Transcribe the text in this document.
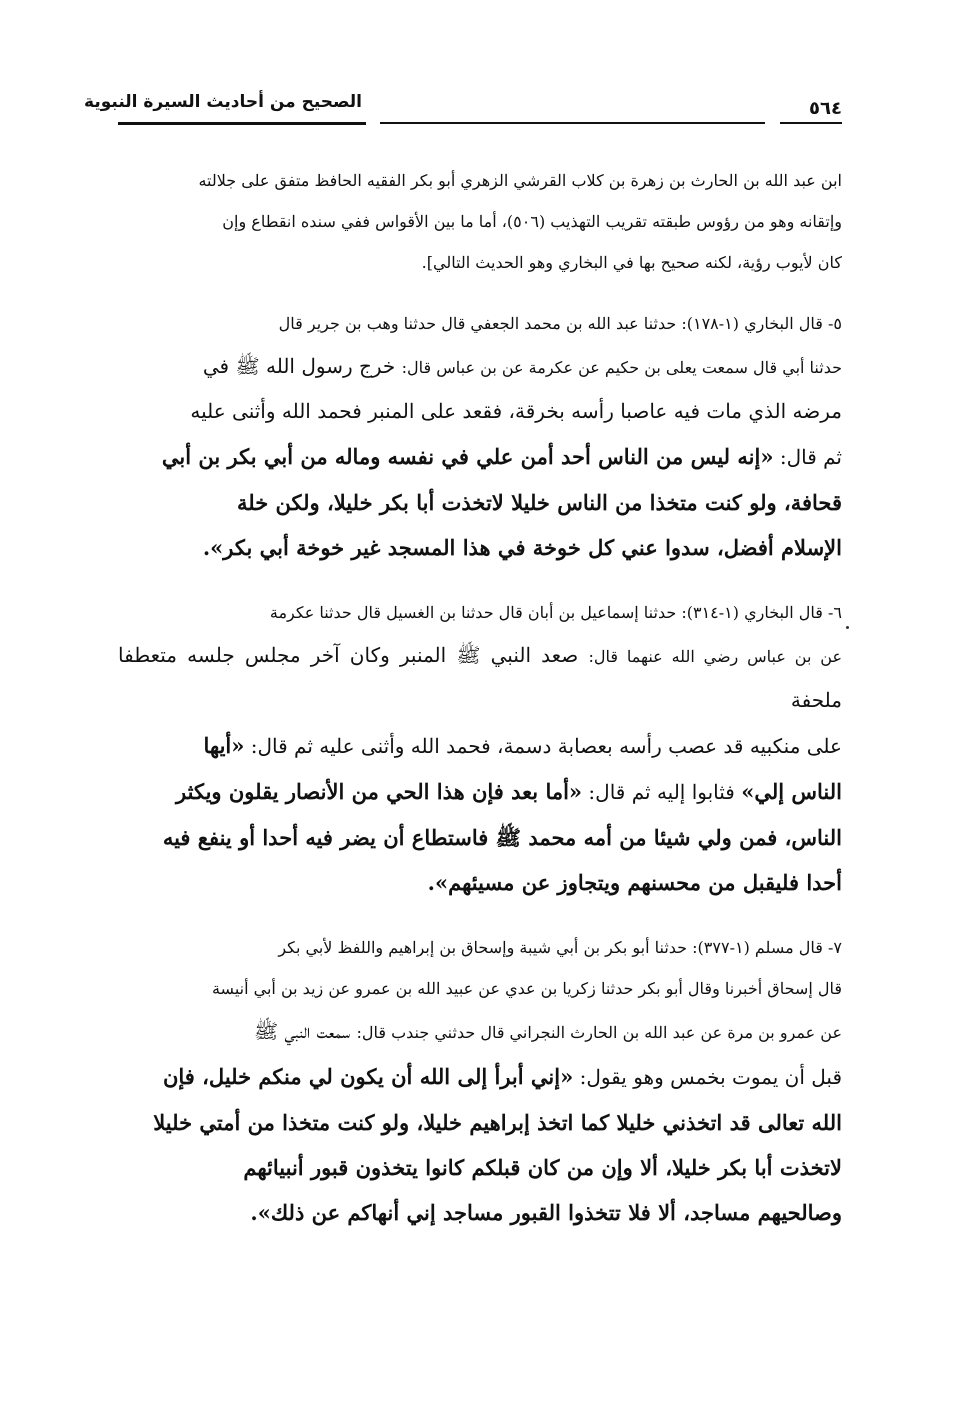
الصحيح من أحاديث السيرة النبوية	٥٦٤
ابن عبد الله بن الحارث بن زهرة بن كلاب القرشي الزهري أبو بكر الفقيه الحافظ متفق على جلالته
وإتقانه وهو من رؤوس طبقته تقريب التهذيب (٥٠٦)، أما ما بين الأقواس ففي سنده انقطاع وإن
كان لأيوب رؤية، لكنه صحيح بها في البخاري وهو الحديث التالي].
٥- قال البخاري (١-١٧٨): حدثنا عبد الله بن محمد الجعفي قال حدثنا وهب بن جرير قال
حدثنا أبي قال سمعت يعلى بن حكيم عن عكرمة عن بن عباس قال: خرج رسول الله ﷺ في
مرضه الذي مات فيه عاصبا رأسه بخرقة، فقعد على المنبر فحمد الله وأثنى عليه
ثم قال: «إنه ليس من الناس أحد أمن علي في نفسه وماله من أبي بكر بن أبي
قحافة، ولو كنت متخذا من الناس خليلا لاتخذت أبا بكر خليلا، ولكن خلة
الإسلام أفضل، سدوا عني كل خوخة في هذا المسجد غير خوخة أبي بكر».
٦- قال البخاري (١-٣١٤): حدثنا إسماعيل بن أبان قال حدثنا بن الغسيل قال حدثنا عكرمة
عن بن عباس رضي الله عنهما قال: صعد النبي ﷺ المنبر وكان آخر مجلس جلسه متعطفا ملحفة
على منكبيه قد عصب رأسه بعصابة دسمة، فحمد الله وأثنى عليه ثم قال: «أيها
الناس إلي» فثابوا إليه ثم قال: «أما بعد فإن هذا الحي من الأنصار يقلون ويكثر
الناس، فمن ولي شيئا من أمه محمد ﷺ فاستطاع أن يضر فيه أحدا أو ينفع فيه
أحدا فليقبل من محسنهم ويتجاوز عن مسيئهم».
٧- قال مسلم (١-٣٧٧): حدثنا أبو بكر بن أبي شيبة وإسحاق بن إبراهيم واللفظ لأبي بكر
قال إسحاق أخبرنا وقال أبو بكر حدثنا زكريا بن عدي عن عبيد الله بن عمرو عن زيد بن أبي أنيسة
عن عمرو بن مرة عن عبد الله بن الحارث النجراني قال حدثني جندب قال: سمعت النبي ﷺ
قبل أن يموت بخمس وهو يقول: «إني أبرأ إلى الله أن يكون لي منكم خليل، فإن
الله تعالى قد اتخذني خليلا كما اتخذ إبراهيم خليلا، ولو كنت متخذا من أمتي خليلا
لاتخذت أبا بكر خليلا، ألا وإن من كان قبلكم كانوا يتخذون قبور أنبيائهم
وصالحيهم مساجد، ألا فلا تتخذوا القبور مساجد إني أنهاكم عن ذلك».
